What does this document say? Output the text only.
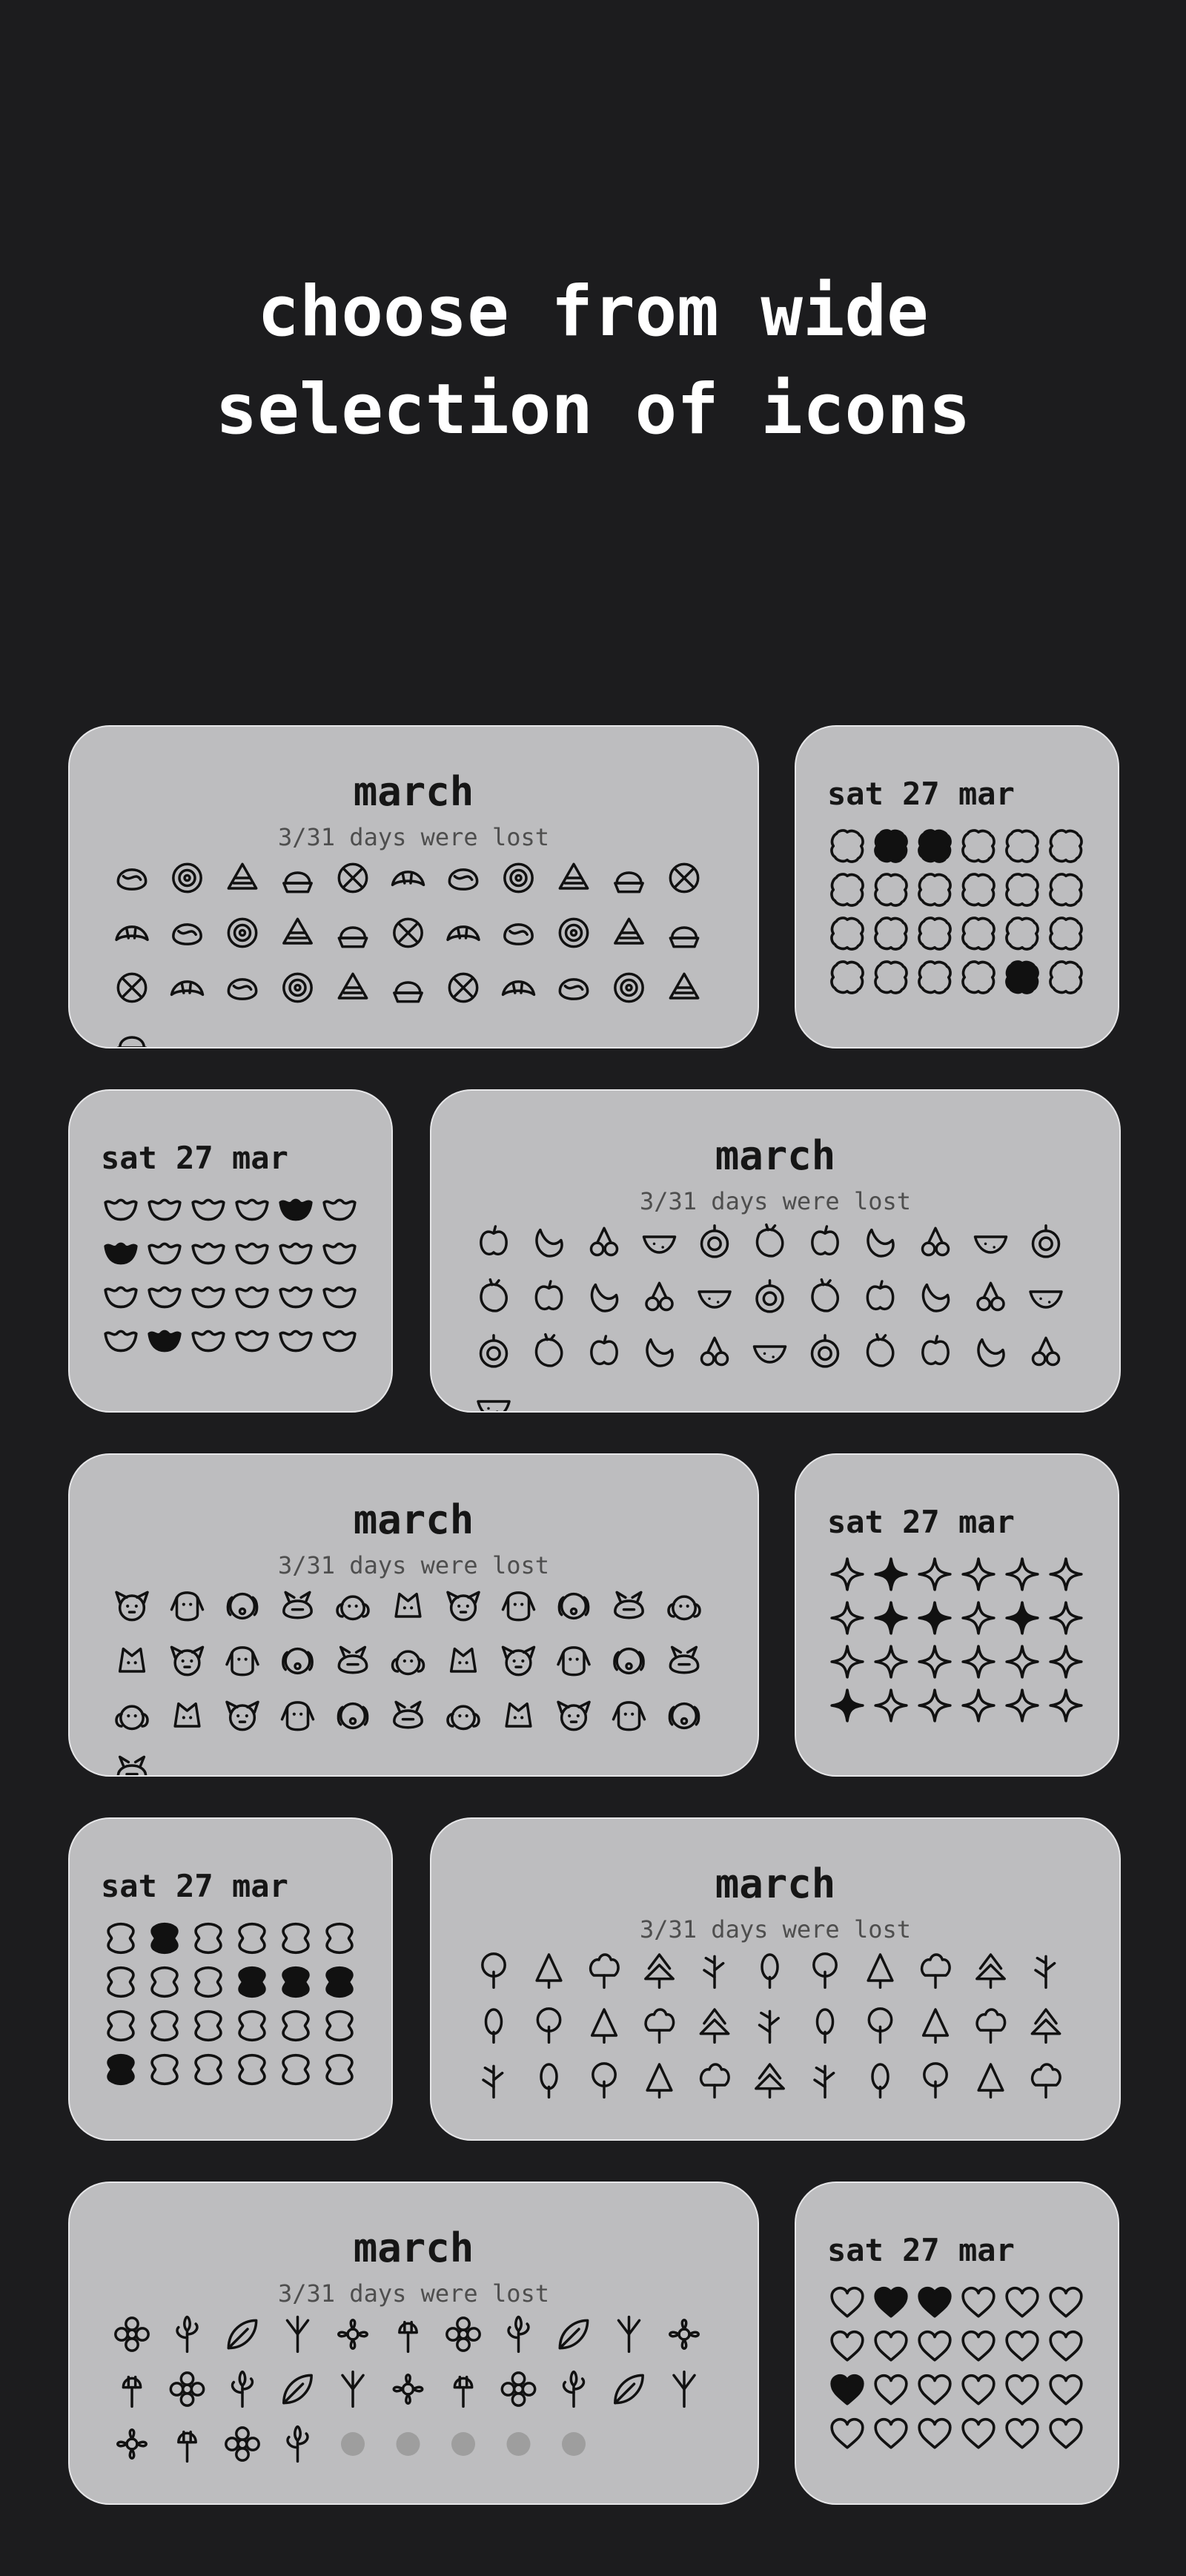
choose from wide
selection of icons
march
3/31 days were lost
sat 27 mar
sat 27 mar	march
3/31 days were lost
march
3/31 days were lost
sat 27 mar
sat 27 mar	march
3/31 days were lost
march
3/31 days were lost
sat 27 mar
